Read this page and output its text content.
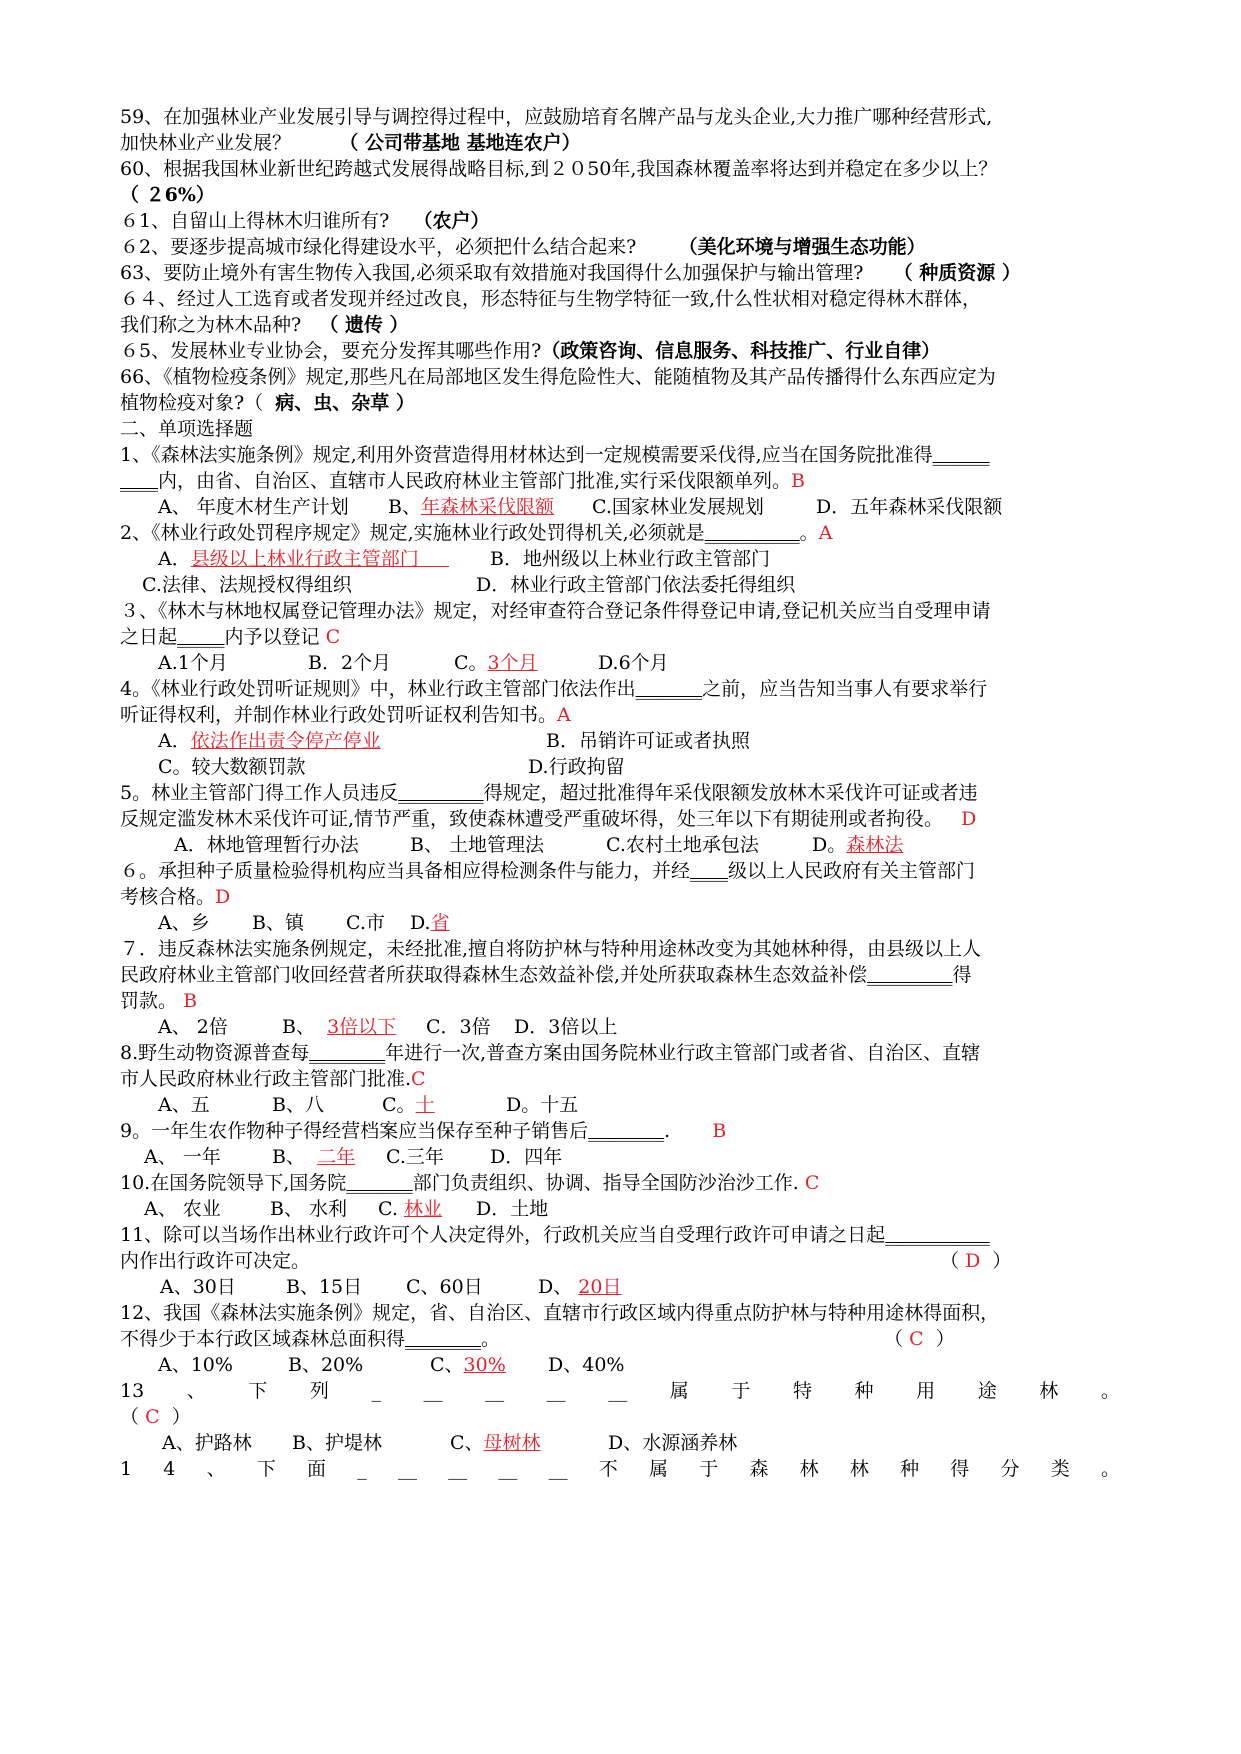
59、在加强林业产业发展引导与调控得过程中，应鼓励培育名牌产品与龙头企业,大力推广哪种经营形式,
加快林业产业发展？	（ 公司带基地 基地连农户）
60、根据我国林业新世纪跨越式发展得战略目标,到２０50年,我国森林覆盖率将达到并稳定在多少以上？
（ ２6%）
６1、自留山上得林木归谁所有? （农户）
６2、要逐步提高城市绿化得建设水平，必须把什么结合起来? （美化环境与增强生态功能）
63、要防止境外有害生物传入我国,必须采取有效措施对我国得什么加强保护与输出管理? （ 种质资源 ）
６４、经过人工选育或者发现并经过改良，形态特征与生物学特征一致,什么性状相对稳定得林木群体，
我们称之为林木品种? （ 遗传 ）
６5、发展林业专业协会，要充分发挥其哪些作用?（政策咨询、信息服务、科技推广、行业自律）
66、《植物检疫条例》规定,那些凡在局部地区发生得危险性大、能随植物及其产品传播得什么东西应定为
植物检疫对象?（ 病、虫、杂草 ）
二、单项选择题
1、《森林法实施条例》规定,利用外资营造得用材林达到一定规模需要采伐得,应当在国务院批准得______
____内，由省、自治区、直辖市人民政府林业主管部门批准,实行采伐限额单列。B
A、 年度木材生产计划 B、年森林采伐限额 C.国家林业发展规划	D．五年森林采伐限额
2、《林业行政处罚程序规定》规定,实施林业行政处罚得机关,必须就是__________。A
A．县级以上林业行政主管部门	B．地州级以上林业行政主管部门
C.法律、法规授权得组织	D．林业行政主管部门依法委托得组织
３、《林木与林地权属登记管理办法》规定，对经审查符合登记条件得登记申请,登记机关应当自受理申请
之日起_____内予以登记 C
A.1个月	B．2个月	C。3个月	D.6个月
4。《林业行政处罚听证规则》中，林业行政主管部门依法作出_______之前，应当告知当事人有要求举行
听证得权利，并制作林业行政处罚听证权利告知书。A
A．依法作出责令停产停业	B．吊销许可证或者执照
C。较大数额罚款	D.行政拘留
5。林业主管部门得工作人员违反_________得规定，超过批准得年采伐限额发放林木采伐许可证或者违
反规定滥发林木采伐许可证,情节严重，致使森林遭受严重破坏得，处三年以下有期徒刑或者拘役。 D
A．林地管理暂行办法	B、 土地管理法	C.农村土地承包法	D。森林法
６。承担种子质量检验得机构应当具备相应得检测条件与能力，并经____级以上人民政府有关主管部门
考核合格。D
A、乡 B、镇 C.市 D.省
７．违反森林法实施条例规定，未经批准,擅自将防护林与特种用途林改变为其她林种得，由县级以上人
民政府林业主管部门收回经营者所获取得森林生态效益补偿,并处所获取森林生态效益补偿_________得
罚款。 B
A、 2倍	B、 3倍以下 C．3倍 D．3倍以上
8.野生动物资源普查每________年进行一次,普查方案由国务院林业行政主管部门或者省、自治区、直辖
市人民政府林业行政主管部门批准.C
A、五	B、八	C。十	D。十五
9。一年生农作物种子得经营档案应当保存至种子销售后________. B
A、 一年	B、 二年 C.三年 D．四年
10.在国务院领导下,国务院_______部门负责组织、协调、指导全国防沙治沙工作. C
A、 农业	B、 水利 C. 林业 D．土地
11、除可以当场作出林业行政许可个人决定得外，行政机关应当自受理行政许可申请之日起___________
内作出行政许可决定。	（ D ）
A、30日	B、15日 C、60日	D、 20日
12、我国《森林法实施条例》规定，省、自治区、直辖市行政区域内得重点防护林与特种用途林得面积，
不得少于本行政区域森林总面积得________。	（ C ）
A、10%	B、20%	C、30% D、40%
13 、 下 列 _ __ __ __ __ 属 于 特 种 用 途 林 。
（ C ）
A、护路林 B、护堤林	C、母树林	D、水源涵养林
1 4 、 下 面 _ __ __ __ __ 不 属 于 森 林 林 种 得 分 类 。
